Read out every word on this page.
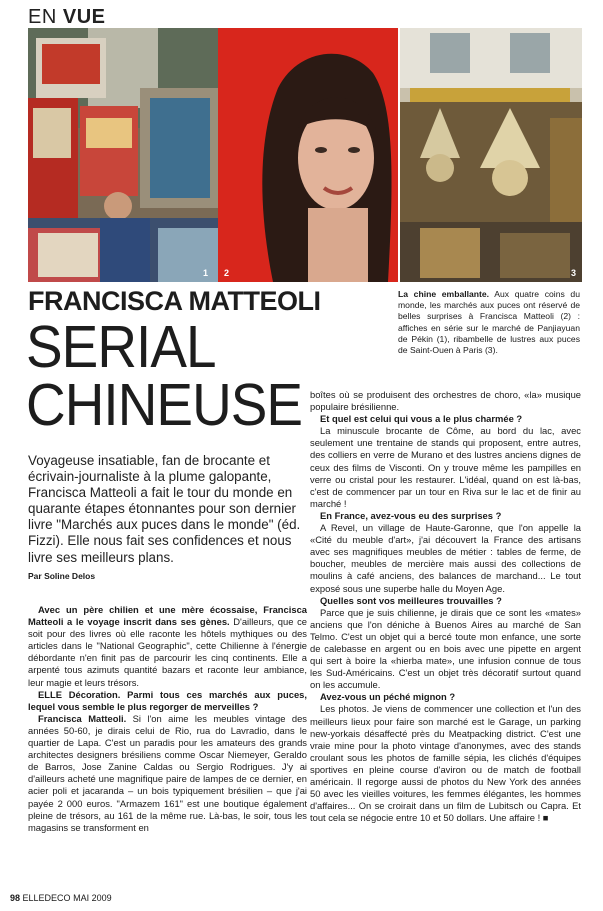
EN VUE
1 2	3
La chine emballante. Aux quatre coins du monde, les marchés aux puces ont réservé de belles surprises à Francisca Matteoli (2) : affiches en série sur le marché de Panjiayuan de Pékin (1), ribambelle de lustres aux puces de Saint-Ouen à Paris (3).
FRANCISCA MATTEOLI
SERIAL
CHINEUSE
Voyageuse insatiable, fan de brocante et écrivain-journaliste à la plume galopante, Francisca Matteoli a fait le tour du monde en quarante étapes étonnantes pour son dernier livre "Marchés aux puces dans le monde" (éd. Fizzi). Elle nous fait ses confidences et nous livre ses meilleurs plans.
Par Soline Delos

Avec un père chilien et une mère écossaise, Francisca Matteoli a le voyage inscrit dans ses gènes. D'ailleurs, que ce soit pour des livres où elle raconte les hôtels mythiques ou des articles dans le "National Geographic", cette Chilienne à l'énergie débordante n'en finit pas de parcourir les cinq continents. Elle a arpenté tous azimuts quantité bazars et raconte leur ambiance, leur magie et leurs trésors.

ELLE Décoration. Parmi tous ces marchés aux puces, lequel vous semble le plus regorger de merveilles ?

Francisca Matteoli. Si l'on aime les meubles vintage des années 50-60, je dirais celui de Rio, rua do Lavradio, dans le quartier de Lapa. C'est un paradis pour les amateurs des grands architectes designers brésiliens comme Oscar Niemeyer, Geraldo de Barros, Jose Zanine Caldas ou Sergio Rodrigues. J'y ai d'ailleurs acheté une magnifique paire de lampes de ce dernier, en acier poli et jacaranda – un bois typiquement brésilien – que j'ai payée 2 000 euros. "Armazem 161" est une boutique également pleine de trésors, au 161 de la même rue. Là-bas, le soir, tous les magasins se transforment en

boîtes où se produisent des orchestres de choro, «la» musique populaire brésilienne.

Et quel est celui qui vous a le plus charmée ?

La minuscule brocante de Côme, au bord du lac, avec seulement une trentaine de stands qui proposent, entre autres, des colliers en verre de Murano et des lustres anciens dignes de ceux des films de Visconti. On y trouve même les pampilles en verre ou cristal pour les restaurer. L'idéal, quand on est là-bas, c'est de commencer par un tour en Riva sur le lac et de finir au marché !

En France, avez-vous eu des surprises ?

A Revel, un village de Haute-Garonne, que l'on appelle la «Cité du meuble d'art», j'ai découvert la France des artisans avec ses magnifiques meubles de métier : tables de ferme, de boucher, meubles de mercière mais aussi des collections de moulins à café anciens, des balances de marchand... Le tout exposé sous une superbe halle du Moyen Age.

Quelles sont vos meilleures trouvailles ?

Parce que je suis chilienne, je dirais que ce sont les «mates» anciens que l'on déniche à Buenos Aires au marché de San Telmo. C'est un objet qui a bercé toute mon enfance, une sorte de calebasse en argent ou en bois avec une pipette en argent qui sert à boire la «hierba mate», une infusion connue de tous les Sud-Américains. C'est un objet très décoratif surtout quand on les accumule.

Avez-vous un péché mignon ?

Les photos. Je viens de commencer une collection et l'un des meilleurs lieux pour faire son marché est le Garage, un parking new-yorkais désaffecté près du Meatpacking district. C'est une vraie mine pour la photo vintage d'anonymes, avec des stands croulant sous les photos de famille sépia, les clichés d'équipes sportives en pleine course d'aviron ou de match de football américain. Il regorge aussi de photos du New York des années 50 avec les vieilles voitures, les femmes élégantes, les hommes d'affaires... On se croirait dans un film de Lubitsch ou Capra. Et tout cela se négocie entre 10 et 50 dollars. Une affaire ! ■

98 ELLEDECO MAI 2009
